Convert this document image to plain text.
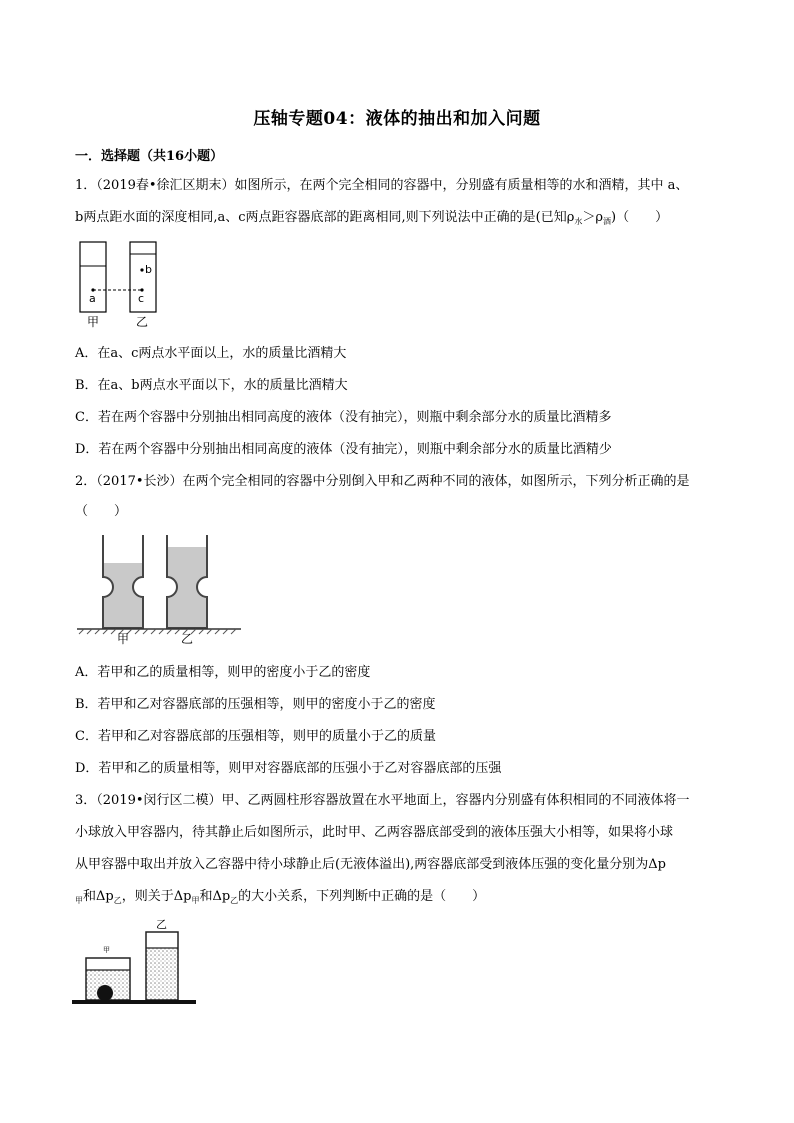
压轴专题04：液体的抽出和加入问题
一．选择题（共16小题）
1．（2019春•徐汇区期末）如图所示，在两个完全相同的容器中，分别盛有质量相等的水和酒精，其中 a、
b两点距水面的深度相同,a、c两点距容器底部的距离相同,则下列说法中正确的是(已知$\rho_水>\rho_酒$)（　　）
a	c
b
甲	乙
A．在a、c两点水平面以上，水的质量比酒精大
B．在a、b两点水平面以下，水的质量比酒精大
C．若在两个容器中分别抽出相同高度的液体（没有抽完），则瓶中剩余部分水的质量比酒精多
D．若在两个容器中分别抽出相同高度的液体（没有抽完），则瓶中剩余部分水的质量比酒精少
2．（2017•长沙）在两个完全相同的容器中分别倒入甲和乙两种不同的液体，如图所示，下列分析正确的是
（　　）
甲	乙
A．若甲和乙的质量相等，则甲的密度小于乙的密度
B．若甲和乙对容器底部的压强相等，则甲的密度小于乙的密度
C．若甲和乙对容器底部的压强相等，则甲的质量小于乙的质量
D．若甲和乙的质量相等，则甲对容器底部的压强小于乙对容器底部的压强
3．（2019•闵行区二模）甲、乙两圆柱形容器放置在水平地面上，容器内分别盛有体积相同的不同液体将一
小球放入甲容器内，待其静止后如图所示，此时甲、乙两容器底部受到的液体压强大小相等，如果将小球
从甲容器中取出并放入乙容器中待小球静止后(无液体溢出),两容器底部受到液体压强的变化量分别为Δp
$_甲$和$\Delta p_乙$，则关于$\Delta p_甲$和$\Delta p_乙$的大小关系，下列判断中正确的是（　　）
甲
乙
